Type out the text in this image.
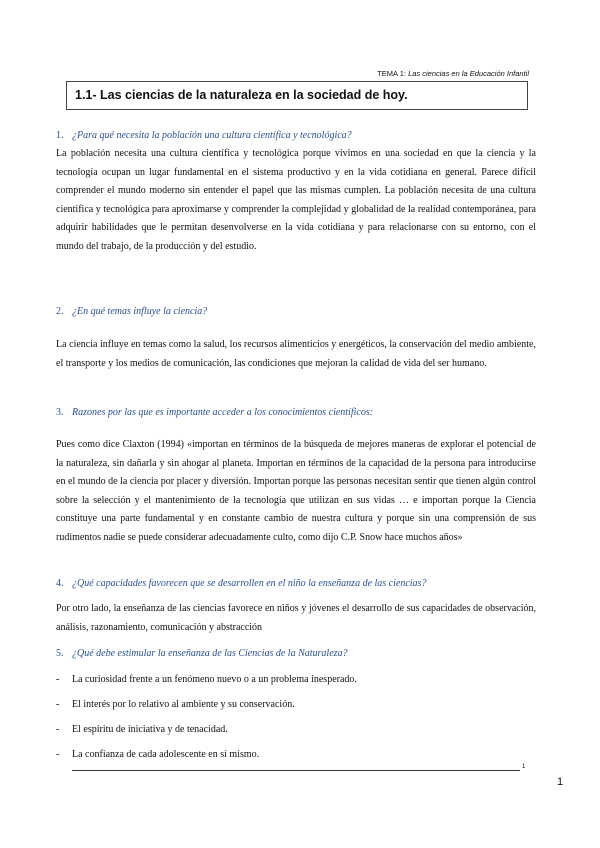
TEMA 1: Las ciencias en la Educación Infantil
1.1- Las ciencias de la naturaleza en la sociedad de hoy.
1. ¿Para qué necesita la población una cultura científica y tecnológica?
La población necesita una cultura científica y tecnológica porque vivimos en una sociedad en que la ciencia y la tecnología ocupan un lugar fundamental en el sistema productivo y en la vida cotidiana en general. Parece difícil comprender el mundo moderno sin entender el papel que las mismas cumplen. La población necesita de una cultura científica y tecnológica para aproximarse y comprender la complejidad y globalidad de la realidad contemporánea, para adquirir habilidades que le permitan desenvolverse en la vida cotidiana y para relacionarse con su entorno, con el mundo del trabajo, de la producción y del estudio.
2. ¿En qué temas influye la ciencia?
La ciencia influye en temas como la salud, los recursos alimenticios y energéticos, la conservación del medio ambiente, el transporte y los medios de comunicación, las condiciones que mejoran la calidad de vida del ser humano.
3. Razones por las que es importante acceder a los conocimientos científicos:
Pues como dice Claxton (1994) «importan en términos de la búsqueda de mejores maneras de explorar el potencial de la naturaleza, sin dañarla y sin ahogar al planeta. Importan en términos de la capacidad de la persona para introducirse en el mundo de la ciencia por placer y diversión. Importan porque las personas necesitan sentir que tienen algún control sobre la selección y el mantenimiento de la tecnología que utilizan en sus vidas … e importan porque la Ciencia constituye una parte fundamental y en constante cambio de nuestra cultura y porque sin una comprensión de sus rudimentos nadie se puede considerar adecuadamente culto, como dijo C.P. Snow hace muchos años»
4. ¿Qué capacidades favorecen que se desarrollen en el niño la enseñanza de las ciencias?
Por otro lado, la enseñanza de las ciencias favorece en niños y jóvenes el desarrollo de sus capacidades de observación, análisis, razonamiento, comunicación y abstracción
5. ¿Qué debe estimular la enseñanza de las Ciencias de la Naturaleza?
- La curiosidad frente a un fenómeno nuevo o a un problema inesperado.
- El interés por lo relativo al ambiente y su conservación.
- El espíritu de iniciativa y de tenacidad.
- La confianza de cada adolescente en sí mismo.
1
1
